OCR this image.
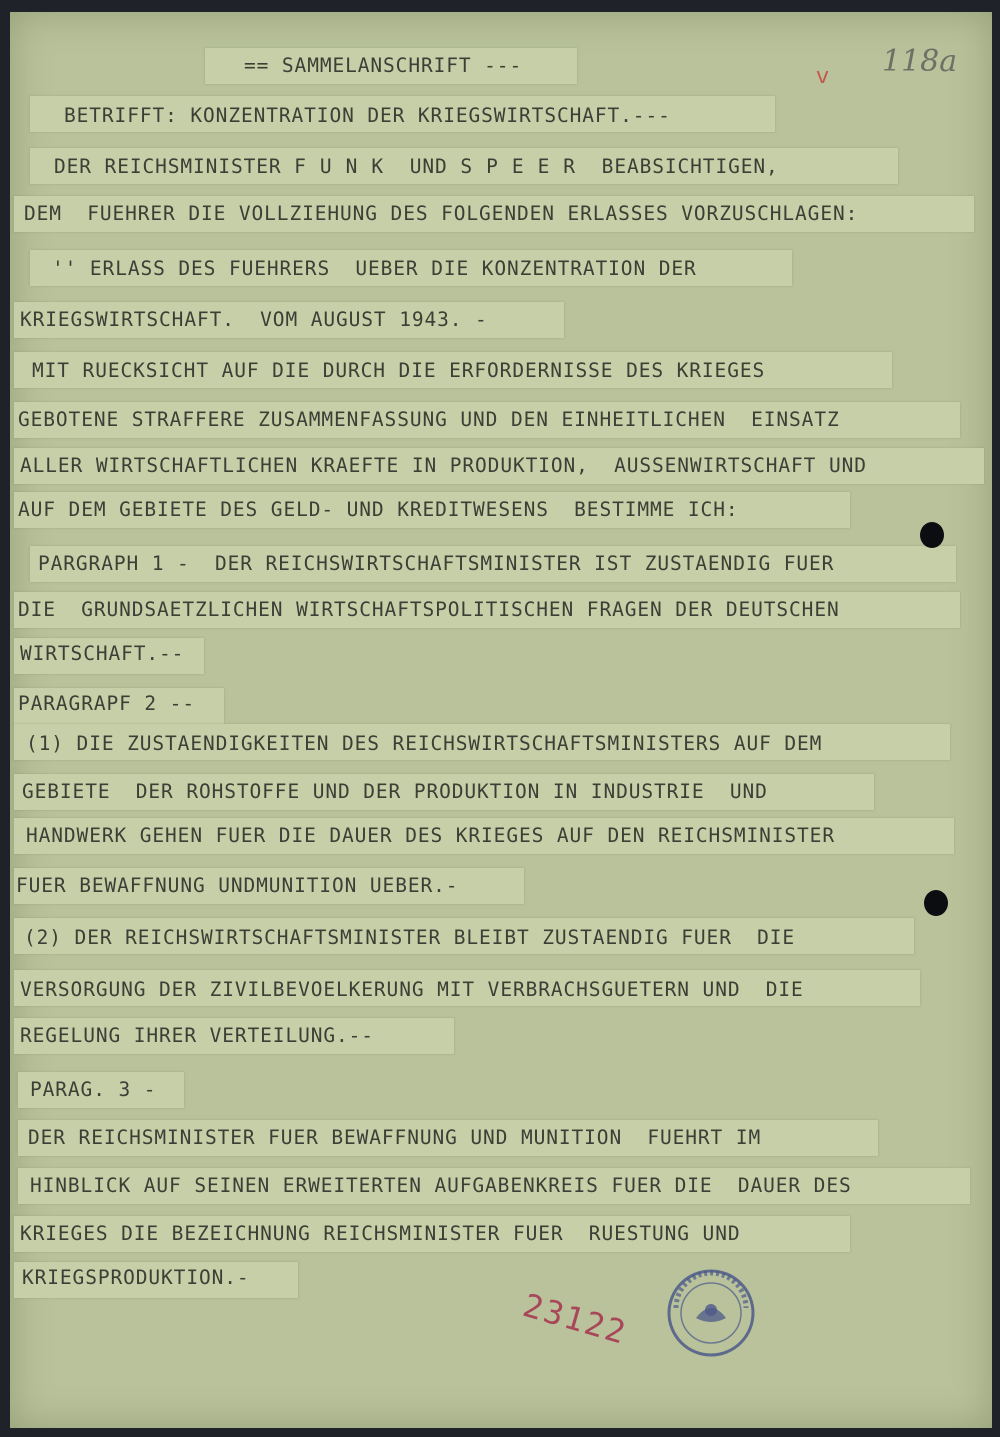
== SAMMELANSCHRIFT ---
BETRIFFT: KONZENTRATION DER KRIEGSWIRTSCHAFT.---
DER REICHSMINISTER FUNK UND SPEER BEABSICHTIGEN,
DEM  FUEHRER DIE VOLLZIEHUNG DES FOLGENDEN ERLASSES VORZUSCHLAGEN:
'' ERLASS DES FUEHRERS  UEBER DIE KONZENTRATION DER
KRIEGSWIRTSCHAFT.  VOM AUGUST 1943. -
MIT RUECKSICHT AUF DIE DURCH DIE ERFORDERNISSE DES KRIEGES
GEBOTENE STRAFFERE ZUSAMMENFASSUNG UND DEN EINHEITLICHEN  EINSATZ
ALLER WIRTSCHAFTLICHEN KRAEFTE IN PRODUKTION,  AUSSENWIRTSCHAFT UND
AUF DEM GEBIETE DES GELD- UND KREDITWESENS  BESTIMME ICH:
PARGRAPH 1 -  DER REICHSWIRTSCHAFTSMINISTER IST ZUSTAENDIG FUER
DIE  GRUNDSAETZLICHEN WIRTSCHAFTSPOLITISCHEN FRAGEN DER DEUTSCHEN
WIRTSCHAFT.--
PARAGRAPF 2 --
(1) DIE ZUSTAENDIGKEITEN DES REICHSWIRTSCHAFTSMINISTERS AUF DEM
GEBIETE  DER ROHSTOFFE UND DER PRODUKTION IN INDUSTRIE  UND
HANDWERK GEHEN FUER DIE DAUER DES KRIEGES AUF DEN REICHSMINISTER
FUER BEWAFFNUNG UNDMUNITION UEBER.-
(2) DER REICHSWIRTSCHAFTSMINISTER BLEIBT ZUSTAENDIG FUER  DIE
VERSORGUNG DER ZIVILBEVOELKERUNG MIT VERBRACHSGUETERN UND  DIE
REGELUNG IHRER VERTEILUNG.--
PARAG. 3 -
DER REICHSMINISTER FUER BEWAFFNUNG UND MUNITION  FUEHRT IM
HINBLICK AUF SEINEN ERWEITERTEN AUFGABENKREIS FUER DIE  DAUER DES
KRIEGES DIE BEZEICHNUNG REICHSMINISTER FUER  RUESTUNG UND
KRIEGSPRODUKTION.-
v 118a
23122
